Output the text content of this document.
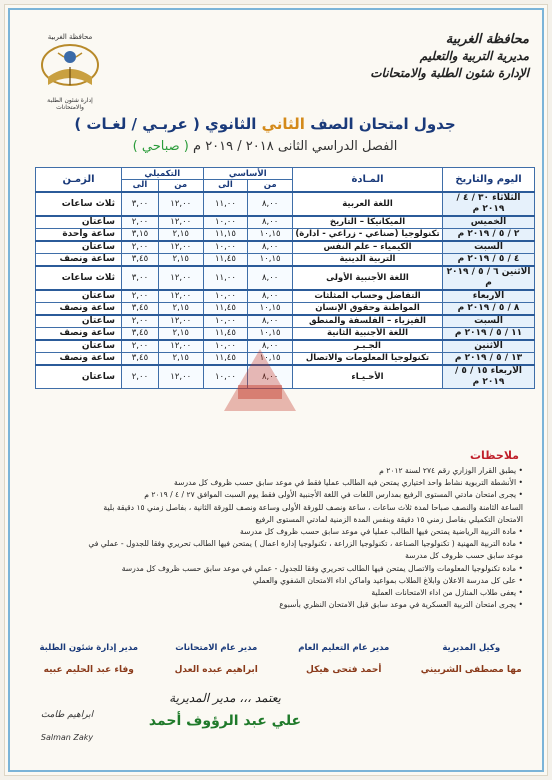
محافظة الغربية
مديرية التربية والتعليم
الإدارة شئون الطلبة والامتحانات
محافظة الغربية
إدارة شئون الطلبة والامتحانات
جدول امتحان الصف الثاني الثانوي ( عربـي / لغـات )
الفصل الدراسي الثانى ٢٠١٨ / ٢٠١٩ م ( صباحي )
اليوم والتاريخ	المـادة	الأساسي		التكميلي		الزمـن
		من	الى	من	الى	
الثلاثاء ٣٠ / ٤ / ٢٠١٩ م	اللغة العربية	٨,٠٠	١١,٠٠	١٢,٠٠	٣,٠٠	ثلاث ساعات
الخميس	الميكانيكا – التاريخ	٨,٠٠	١٠,٠٠	١٢,٠٠	٢,٠٠	ساعتان
٢ / ٥ / ٢٠١٩ م	تكنولوجيا (صناعي - زراعي - ادارة)	١٠,١٥	١١,١٥	٢,١٥	٣,١٥	ساعة واحدة
السبت	الكيمياء – علم النفس	٨,٠٠	١٠,٠٠	١٢,٠٠	٢,٠٠	ساعتان
٤ / ٥ / ٢٠١٩ م	التربية الدينية	١٠,١٥	١١,٤٥	٢,١٥	٣,٤٥	ساعة ونصف
الاثنين ٦ / ٥ / ٢٠١٩ م	اللغة الأجنبية الأولى	٨,٠٠	١١,٠٠	١٢,٠٠	٣,٠٠	ثلاث ساعات
الأربعاء	التفاضل وحساب المثلثات	٨,٠٠	١٠,٠٠	١٢,٠٠	٢,٠٠	ساعتان
٨ / ٥ / ٢٠١٩ م	المواطنة وحقوق الإنسان	١٠,١٥	١١,٤٥	٢,١٥	٣,٤٥	ساعة ونصف
السبت	الفيزياء – الفلسفة والمنطق	٨,٠٠	١٠,٠٠	١٢,٠٠	٢,٠٠	ساعتان
١١ / ٥ / ٢٠١٩ م	اللغة الأجنبية الثانية	١٠,١٥	١١,٤٥	٢,١٥	٣,٤٥	ساعة ونصف
الاثنين	الجـبـر	٨,٠٠	١٠,٠٠	١٢,٠٠	٢,٠٠	ساعتان
١٣ / ٥ / ٢٠١٩ م	تكنولوجيا المعلومات والاتصال	١٠,١٥	١١,٤٥	٢,١٥	٣,٤٥	ساعة ونصف
الأربعاء ١٥ / ٥ / ٢٠١٩ م	الأحـيـاء	٨,٠٠	١٠,٠٠	١٢,٠٠	٢,٠٠	ساعتان
ملاحظات
• يطبق القرار الوزاري رقم ٢٧٤ لسنة ٢٠١٢ م
• الأنشطة التربوية نشاط واحد اختياري يمتحن فيه الطالب عمليا فقط في موعد سابق حسب ظروف كل مدرسة
• يجرى امتحان مادتي المستوى الرفيع بمدارس اللغات في اللغة الأجنبية الأولى فقط يوم السبت الموافق ٢٧ / ٤ / ٢٠١٩ م
الساعة الثامنة والنصف صباحا لمدة ثلاث ساعات ، ساعة ونصف للورقة الأولى وساعة ونصف للورقة الثانية ، بفاصل زمني ١٥ دقيقة بلية
الامتحان التكميلي بفاصل زمني ١٥ دقيقة وبنفس المدة الزمنية لمادتي المستوى الرفيع
• مادة التربية الرياضية يمتحن فيها الطالب عمليا في موعد سابق حسب ظروف كل مدرسة
• مادة التربية المهنية ( تكنولوجيا الصناعة ، تكنولوجيا الزراعة ، تكنولوجيا إدارة اعمال ) يمتحن فيها الطالب تحريري وفقا للجدول - عملي في
موعد سابق حسب ظروف كل مدرسة
• مادة تكنولوجيا المعلومات والاتصال يمتحن فيها الطالب تحريري وفقا للجدول - عملي في موعد سابق حسب ظروف كل مدرسة
• على كل مدرسة الاعلان وابلاغ الطلاب بمواعيد واماكن اداء الامتحان الشفوي والعملي
• يعفى طلاب المنازل من اداء الامتحانات العملية
• يجرى امتحان التربية العسكرية في موعد سابق قبل الامتحان النظري بأسبوع
مدير إدارة شئون الطلبة	مدير عام الامتحانات	مدير عام التعليم العام	وكيل المديرية
وفاء عبد الحليم عبيه	ابراهيم عبده العدل	أحمد فتحى هيكل	مها مصطفى الشربيني
يعتمد ،،، مدير المديرية
علي عبد الرؤوف أحمد
ابراهيم طامث
Salman Zaky
